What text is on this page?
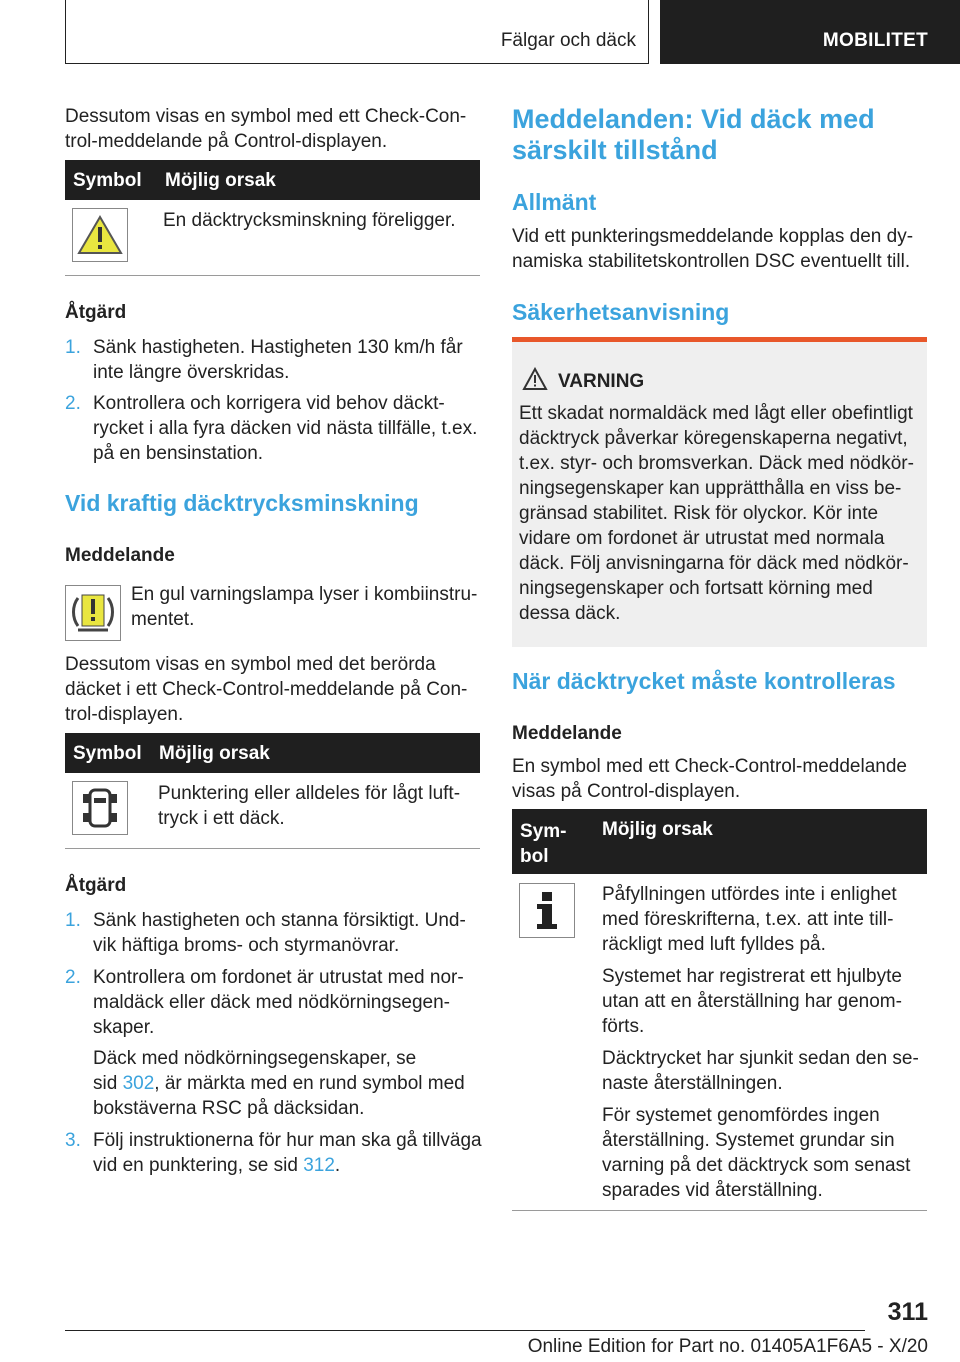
Fälgar och däck	MOBILITET
Dessutom visas en symbol med ett Check-Con-
trol-meddelande på Control-displayen.
Symbol Möjlig orsak
En däcktrycksminskning föreligger.
Åtgärd
1. Sänk hastigheten. Hastigheten 130 km/h får
inte längre överskridas.
2. Kontrollera och korrigera vid behov däckt-
rycket i alla fyra däcken vid nästa tillfälle, t.ex.
på en bensinstation.
Vid kraftig däcktrycksminskning
Meddelande
En gul varningslampa lyser i kombiinstru-
mentet.
Dessutom visas en symbol med det berörda
däcket i ett Check-Control-meddelande på Con-
trol-displayen.
Symbol Möjlig orsak
Punktering eller alldeles för lågt luft-
tryck i ett däck.
Åtgärd
1. Sänk hastigheten och stanna försiktigt. Und-
vik häftiga broms- och styrmanövrar.
2. Kontrollera om fordonet är utrustat med nor-
maldäck eller däck med nödkörningsegen-
skaper.
Däck med nödkörningsegenskaper, se
sid 302, är märkta med en rund symbol med
bokstäverna RSC på däcksidan.
3. Följ instruktionerna för hur man ska gå tillväga
vid en punktering, se sid 312.
Meddelanden: Vid däck med
särskilt tillstånd
Allmänt
Vid ett punkteringsmeddelande kopplas den dy-
namiska stabilitetskontrollen DSC eventuellt till.
Säkerhetsanvisning
VARNING
Ett skadat normaldäck med lågt eller obefintligt
däcktryck påverkar köregenskaperna negativt,
t.ex. styr- och bromsverkan. Däck med nödkör-
ningsegenskaper kan upprätthålla en viss be-
gränsad stabilitet. Risk för olyckor. Kör inte
vidare om fordonet är utrustat med normala
däck. Följ anvisningarna för däck med nödkör-
ningsegenskaper och fortsatt körning med
dessa däck.
När däcktrycket måste kontrolleras
Meddelande
En symbol med ett Check-Control-meddelande
visas på Control-displayen.
Sym-
bol
Möjlig orsak
Påfyllningen utfördes inte i enlighet
med föreskrifterna, t.ex. att inte till-
räckligt med luft fylldes på.
Systemet har registrerat ett hjulbyte
utan att en återställning har genom-
förts.
Däcktrycket har sjunkit sedan den se-
naste återställningen.
För systemet genomfördes ingen
återställning. Systemet grundar sin
varning på det däcktryck som senast
sparades vid återställning.
311
Online Edition for Part no. 01405A1F6A5 - X/20
